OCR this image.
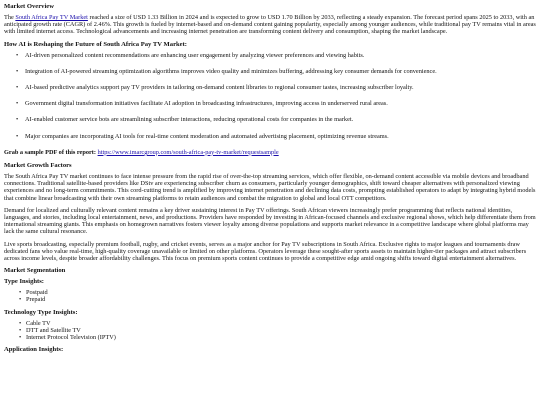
Market Overview

The South Africa Pay TV Market reached a size of USD 1.33 Billion in 2024 and is expected to grow to USD 1.70 Billion by 2033, reflecting a steady expansion. The forecast period spans 2025 to 2033, with an anticipated growth rate (CAGR) of 2.46%. This growth is fueled by internet-based and on-demand content gaining popularity, especially among younger audiences, while traditional pay TV remains vital in areas with limited internet access. Technological advancements and increasing internet penetration are transforming content delivery and consumption, shaping the market landscape.

How AI is Reshaping the Future of South Africa Pay TV Market:
• AI-driven personalized content recommendations are enhancing user engagement by analyzing viewer preferences and viewing habits.
• Integration of AI-powered streaming optimization algorithms improves video quality and minimizes buffering, addressing key consumer demands for convenience.
• AI-based predictive analytics support pay TV providers in tailoring on-demand content libraries to regional consumer tastes, increasing subscriber loyalty.
• Government digital transformation initiatives facilitate AI adoption in broadcasting infrastructures, improving access in underserved rural areas.
• AI-enabled customer service bots are streamlining subscriber interactions, reducing operational costs for companies in the market.
• Major companies are incorporating AI tools for real-time content moderation and automated advertising placement, optimizing revenue streams.

Grab a sample PDF of this report: https://www.imarcgroup.com/south-africa-pay-tv-market/requestsample

Market Growth Factors

The South Africa Pay TV market continues to face intense pressure from the rapid rise of over-the-top streaming services, which offer flexible, on-demand content accessible via mobile devices and broadband connections. Traditional satellite-based providers like DStv are experiencing subscriber churn as consumers, particularly younger demographics, shift toward cheaper alternatives with personalized viewing experiences and no long-term commitments. This cord-cutting trend is amplified by improving internet penetration and declining data costs, prompting established operators to adapt by integrating hybrid models that combine linear broadcasting with their own streaming platforms to retain audiences and combat the migration to global and local OTT competitors.

Demand for localized and culturally relevant content remains a key driver sustaining interest in Pay TV offerings. South African viewers increasingly prefer programming that reflects national identities, languages, and stories, including local entertainment, news, and productions. Providers have responded by investing in African-focused channels and exclusive regional shows, which help differentiate them from international streaming giants. This emphasis on homegrown narratives fosters viewer loyalty among diverse populations and supports market relevance in a competitive landscape where global platforms may lack the same cultural resonance.

Live sports broadcasting, especially premium football, rugby, and cricket events, serves as a major anchor for Pay TV subscriptions in South Africa. Exclusive rights to major leagues and tournaments draw dedicated fans who value real-time, high-quality coverage unavailable or limited on other platforms. Operators leverage these sought-after sports assets to maintain higher-tier packages and attract subscribers across income levels, despite broader affordability challenges. This focus on premium sports content continues to provide a competitive edge amid ongoing shifts toward digital entertainment alternatives.

Market Segmentation
Type Insights:
• Postpaid
• Prepaid
Technology Type Insights:
• Cable TV
• DTT and Satellite TV
• Internet Protocol Television (IPTV)
Application Insights:
